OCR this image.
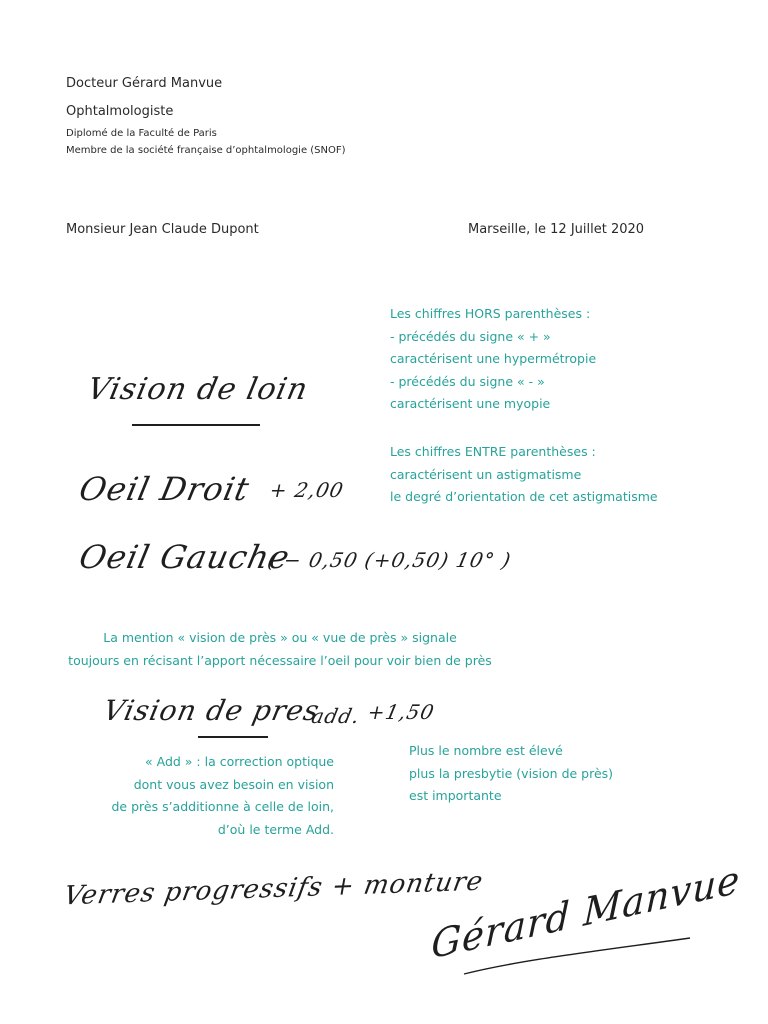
Docteur Gérard Manvue
Ophtalmologiste
Diplomé de la Faculté de Paris
Membre de la société française d’ophtalmologie (SNOF)
Monsieur Jean Claude Dupont	Marseille, le 12 Juillet 2020
Les chiffres HORS parenthèses :
- précédés du signe « + »
caractérisent une hypermétropie
- précédés du signe « - »
caractérisent une myopie
Les chiffres ENTRE parenthèses :
caractérisent un astigmatisme
le degré d’orientation de cet astigmatisme
Vision de loin
Oeil Droit + 2,00
Oeil Gauche
( − 0,50 (+0,50) 10° )
La mention « vision de près » ou « vue de près » signale
toujours en récisant l’apport nécessaire l’oeil pour voir bien de près
Vision de pres
add. +1,50
« Add » : la correction optique
dont vous avez besoin en vision
de près s’additionne à celle de loin,
d’où le terme Add.
Plus le nombre est élevé
plus la presbytie (vision de près)
est importante
Verres progressifs + monture
Gérard Manvue
